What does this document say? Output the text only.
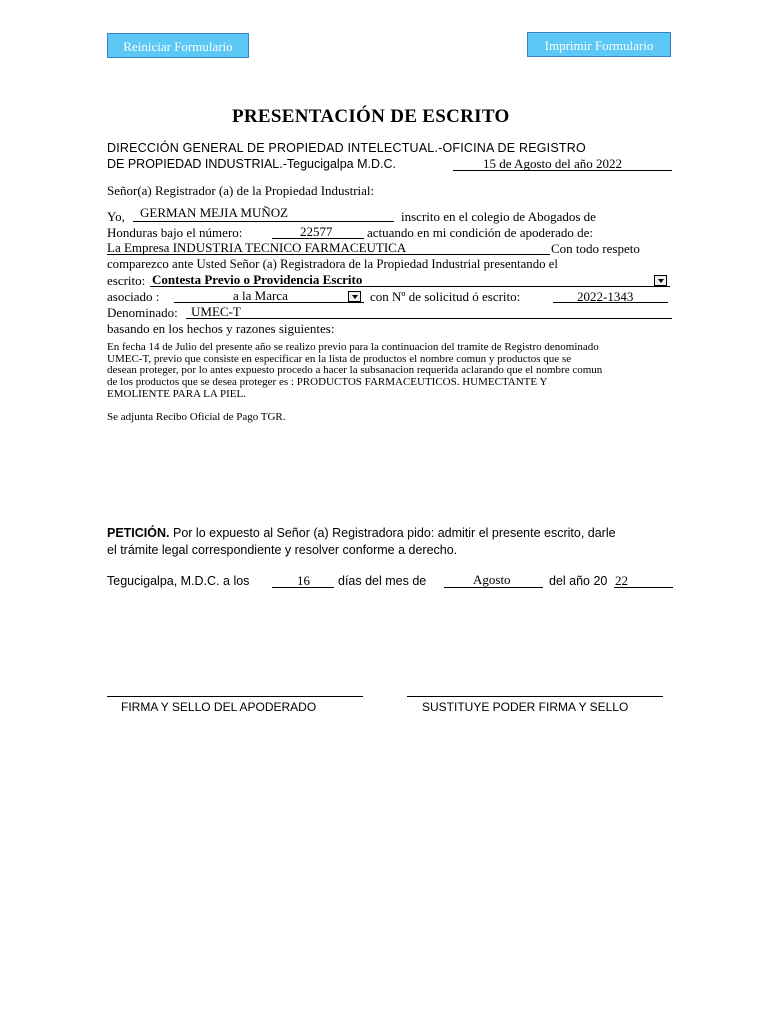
Reiniciar Formulario	Imprimir Formulario
PRESENTACIÓN DE ESCRITO
DIRECCIÓN GENERAL DE PROPIEDAD INTELECTUAL.-OFICINA DE REGISTRO
DE PROPIEDAD INDUSTRIAL.-Tegucigalpa M.D.C.	15 de Agosto del año 2022
Señor(a) Registrador (a) de la Propiedad Industrial:
Yo, GERMAN MEJIA MUÑOZ	inscrito en el colegio de Abogados de
Honduras bajo el número:	22577	actuando en mi condición de apoderado de:
La Empresa INDUSTRIA TECNICO FARMACEUTICA	Con todo respeto
comparezco ante Usted Señor (a) Registradora de la Propiedad Industrial presentando el
escrito: Contesta Previo o Providencia Escrito
asociado :	a la Marca	con Nº de solicitud ó escrito:	2022-1343
Denominado: UMEC-T
basando en los hechos y razones siguientes:
En fecha 14 de Julio del presente año se realizo previo para la continuacion del tramite de Registro denominado
UMEC-T, previo que consiste en especificar en la lista de productos el nombre comun y productos que se
desean proteger, por lo antes expuesto procedo a hacer la subsanacion requerida aclarando que el nombre comun
de los productos que se desea proteger es : PRODUCTOS FARMACEUTICOS. HUMECTANTE Y
EMOLIENTE PARA LA PIEL.
Se adjunta Recibo Oficial de Pago TGR.
PETICIÓN. Por lo expuesto al Señor (a) Registradora pido: admitir el presente escrito, darle
el trámite legal correspondiente y resolver conforme a derecho.
Tegucigalpa, M.D.C. a los	16 días del mes de	Agosto	del año 20 22
FIRMA Y SELLO DEL APODERADO	SUSTITUYE PODER FIRMA Y SELLO
